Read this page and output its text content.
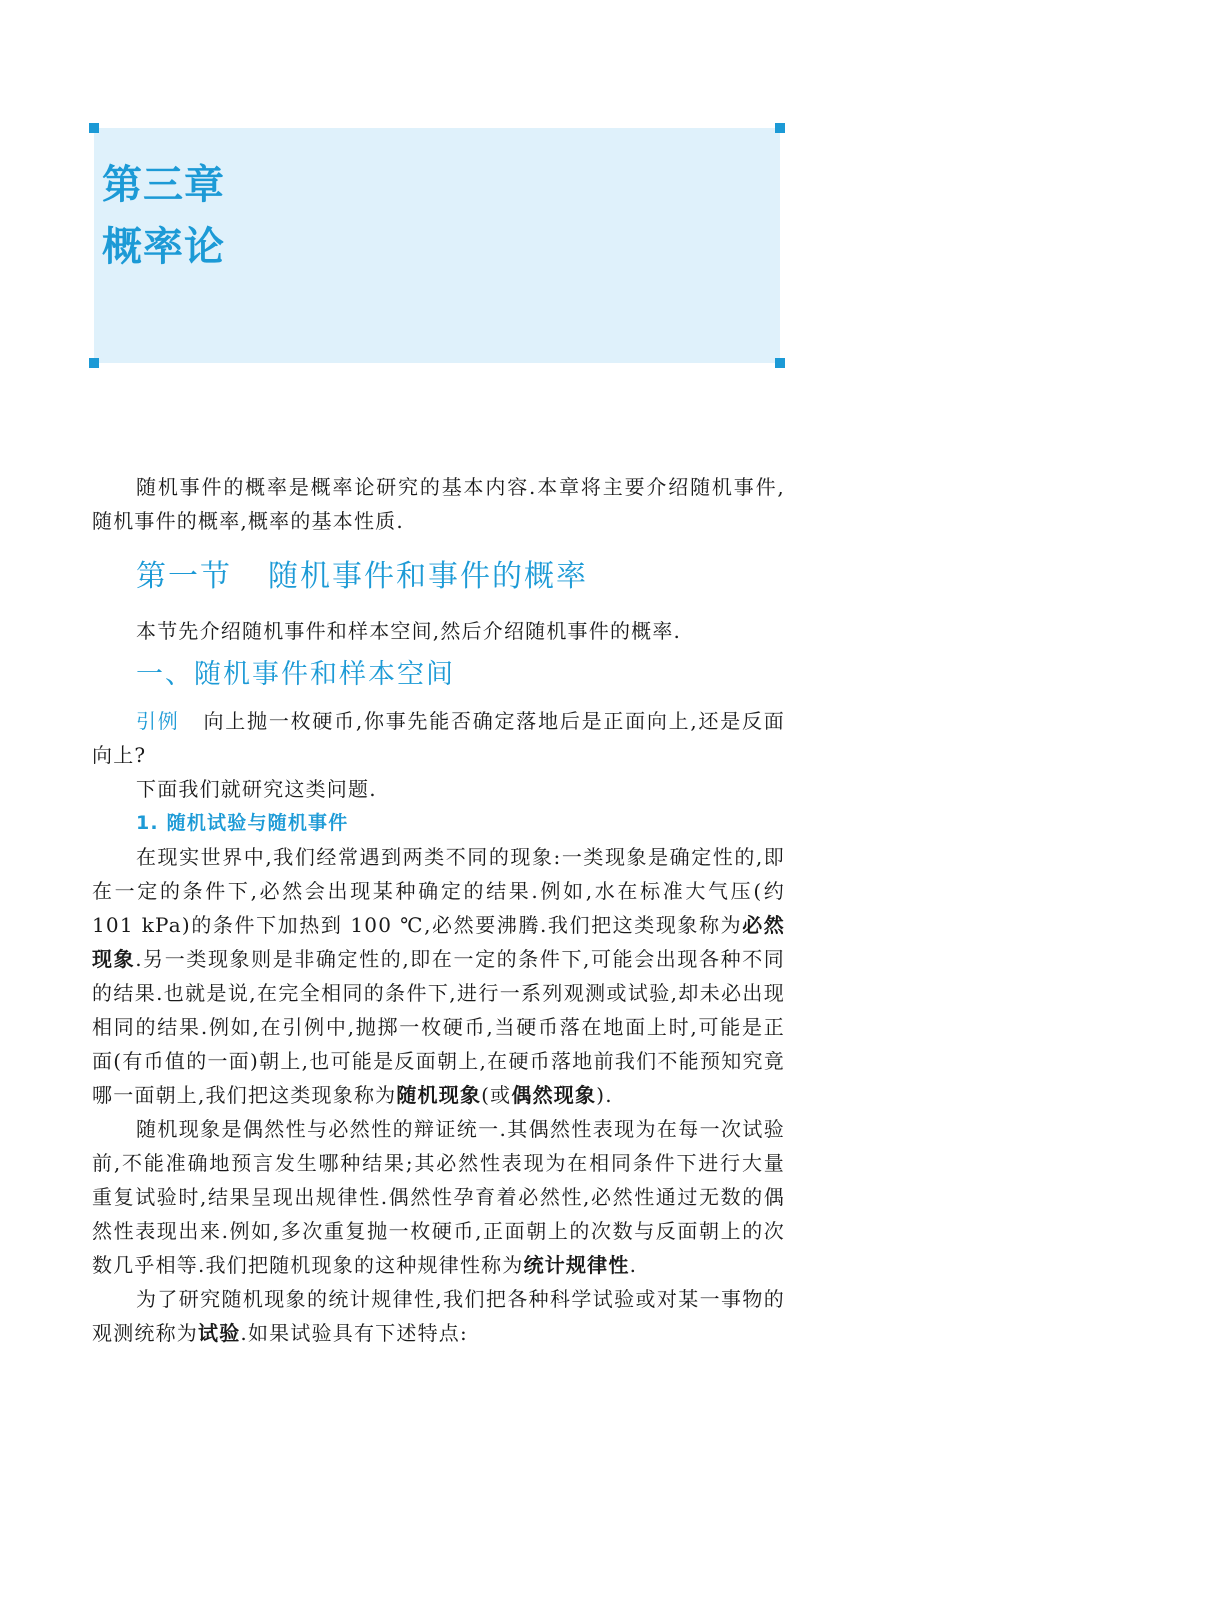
第三章
概率论

随机事件的概率是概率论研究的基本内容.本章将主要介绍随机事件,随机事件的概率,概率的基本性质.

第一节 随机事件和事件的概率

本节先介绍随机事件和样本空间,然后介绍随机事件的概率.

一、随机事件和样本空间

引例 向上抛一枚硬币,你事先能否确定落地后是正面向上,还是反面向上?

下面我们就研究这类问题.

1. 随机试验与随机事件

在现实世界中,我们经常遇到两类不同的现象:一类现象是确定性的,即在一定的条件下,必然会出现某种确定的结果.例如,水在标准大气压(约 101 kPa)的条件下加热到 100 ℃,必然要沸腾.我们把这类现象称为必然现象.另一类现象则是非确定性的,即在一定的条件下,可能会出现各种不同的结果.也就是说,在完全相同的条件下,进行一系列观测或试验,却未必出现相同的结果.例如,在引例中,抛掷一枚硬币,当硬币落在地面上时,可能是正面(有币值的一面)朝上,也可能是反面朝上,在硬币落地前我们不能预知究竟哪一面朝上,我们把这类现象称为随机现象(或偶然现象).

随机现象是偶然性与必然性的辩证统一.其偶然性表现为在每一次试验前,不能准确地预言发生哪种结果;其必然性表现为在相同条件下进行大量重复试验时,结果呈现出规律性.偶然性孕育着必然性,必然性通过无数的偶然性表现出来.例如,多次重复抛一枚硬币,正面朝上的次数与反面朝上的次数几乎相等.我们把随机现象的这种规律性称为统计规律性.

为了研究随机现象的统计规律性,我们把各种科学试验或对某一事物的观测统称为试验.如果试验具有下述特点:
